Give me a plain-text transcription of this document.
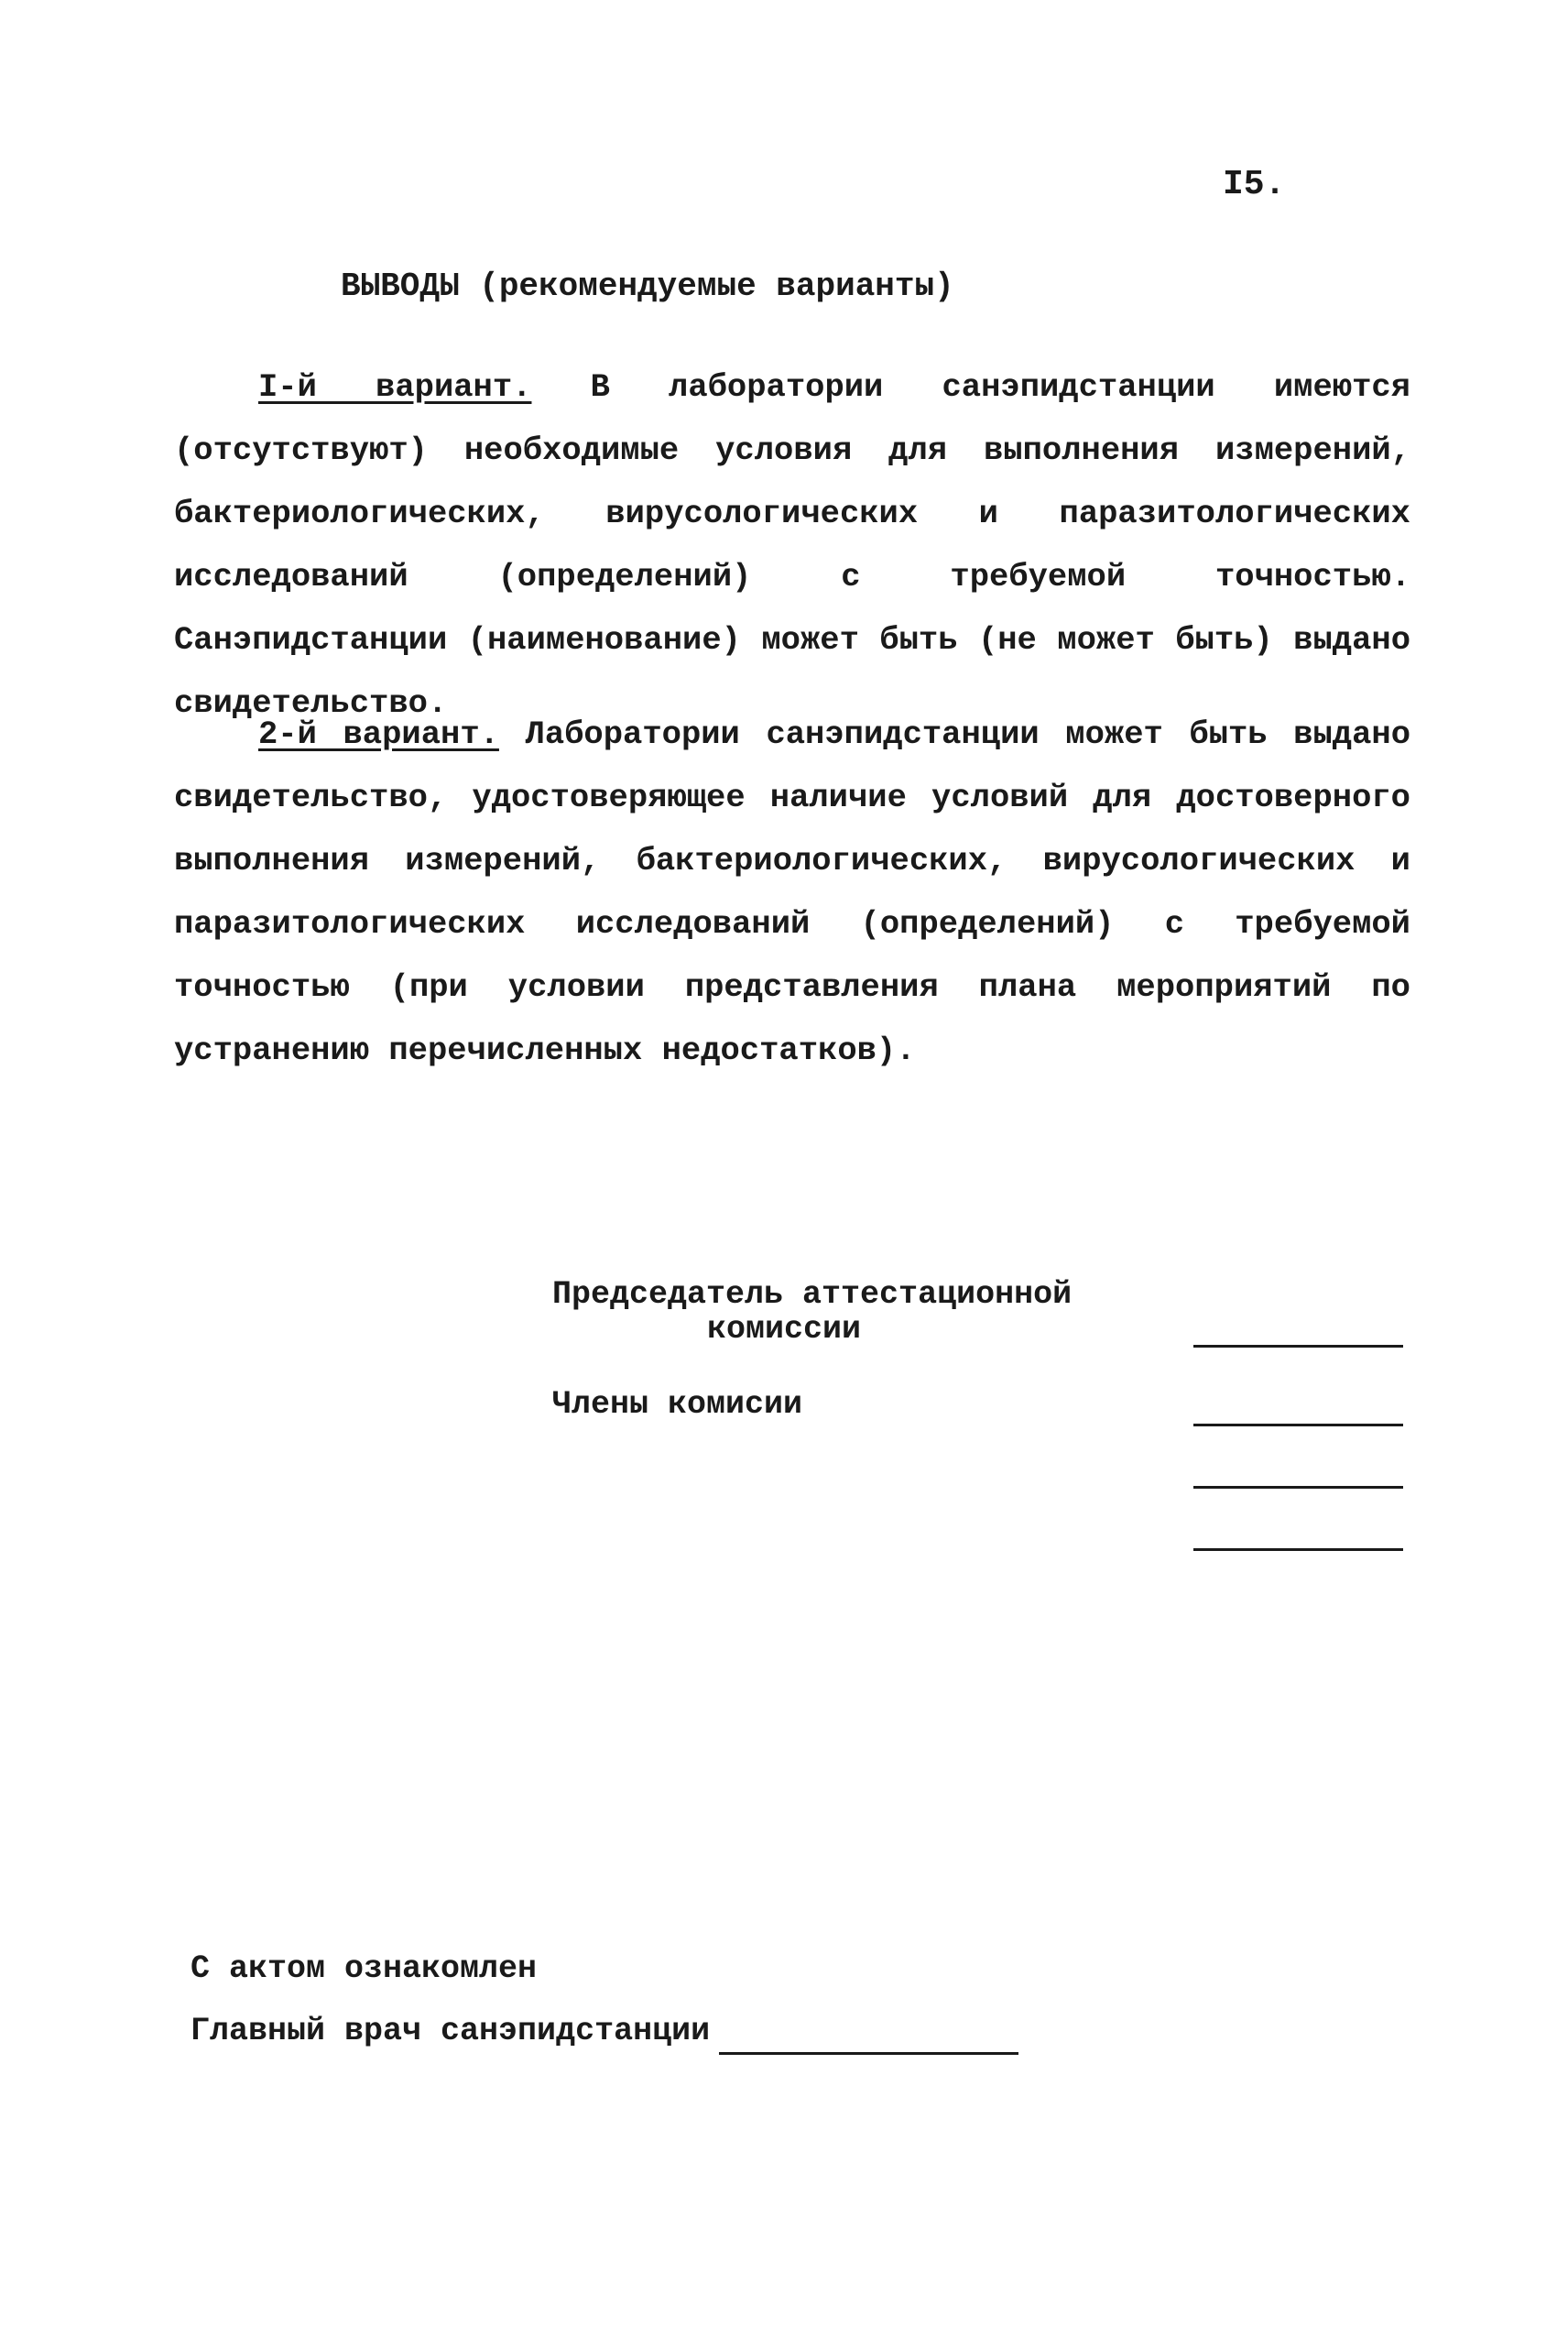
I5.
ВЫВОДЫ (рекомендуемые варианты)

I-й вариант. В лаборатории санэпидстанции имеются (отсутствуют) необходимые условия для выполнения измерений, бактериологических, вирусологических и паразитологических исследований (определений) с требуемой точностью. Санэпидстанции (наименование) может быть (не может быть) выдано свидетельство.

2-й вариант. Лаборатории санэпидстанции может быть выдано свидетельство, удостоверяющее наличие условий для достоверного выполнения измерений, бактериологических, вирусологических и паразитологических исследований (определений) с требуемой точностью (при условии представления плана мероприятий по устранению перечисленных недостатков).

Председатель аттестационной
комиссии
Члены комисии
С актом ознакомлен
Главный врач санэпидстанции
